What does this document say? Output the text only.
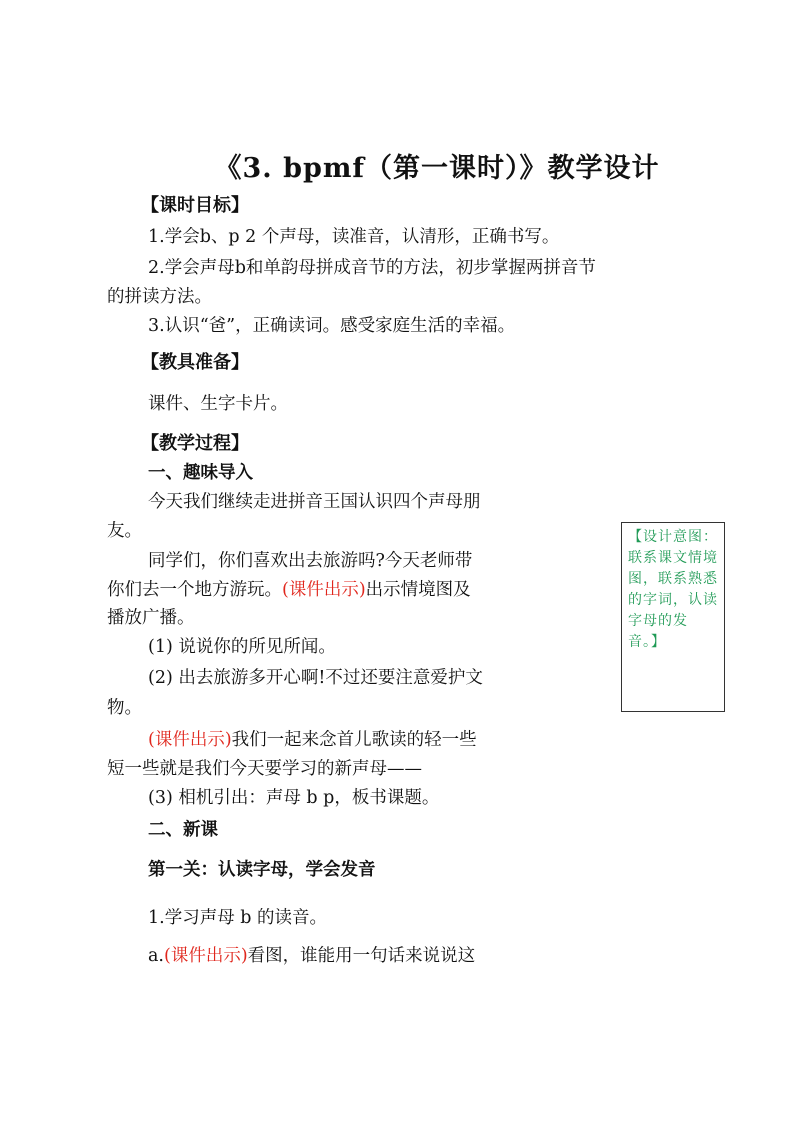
《3. bpmf（第一课时）》教学设计
【课时目标】
1.学会b、p 2 个声母，读准音，认清形，正确书写。
2.学会声母b和单韵母拼成音节的方法，初步掌握两拼音节
的拼读方法。
3.认识“爸”，正确读词。感受家庭生活的幸福。
【教具准备】
课件、生字卡片。
【教学过程】
一、趣味导入
今天我们继续走进拼音王国认识四个声母朋
友。
同学们，你们喜欢出去旅游吗?今天老师带
你们去一个地方游玩。(课件出示)出示情境图及
播放广播。
(1) 说说你的所见所闻。
(2) 出去旅游多开心啊!不过还要注意爱护文
物。
(课件出示)我们一起来念首儿歌读的轻一些
短一些就是我们今天要学习的新声母——
(3) 相机引出：声母 b p，板书课题。
二、新课
第一关：认读字母，学会发音
1.学习声母 b 的读音。
a.(课件出示)看图，谁能用一句话来说说这
【设计意图：联系课文情境图，联系熟悉的字词，认读字母的发音。】
